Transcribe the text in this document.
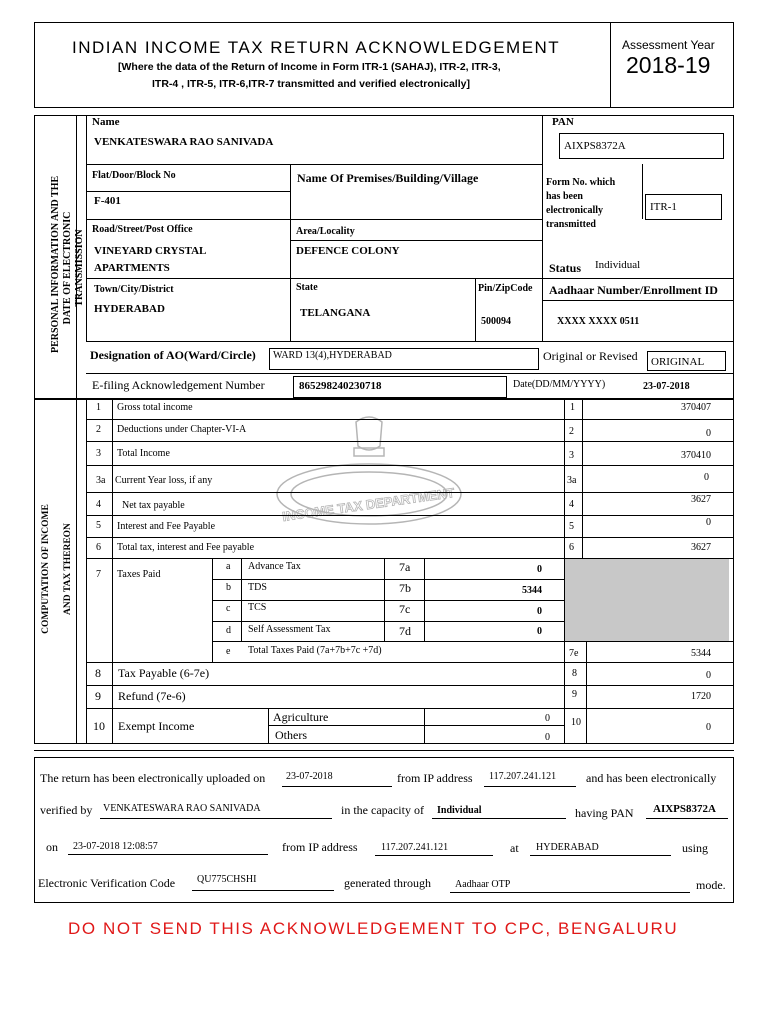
INDIAN INCOME TAX RETURN ACKNOWLEDGEMENT
[Where the data of the Return of Income in Form ITR-1 (SAHAJ), ITR-2, ITR-3,
ITR-4 , ITR-5, ITR-6,ITR-7 transmitted and verified electronically]
Assessment Year
2018-19
PERSONAL INFORMATION AND THE DATE OF ELECTRONIC TRANSMISSION
Name
VENKATESWARA RAO SANIVADA
PAN
AIXPS8372A
Flat/Door/Block No
F-401
Name Of Premises/Building/Village	Form No. which
has been
electronically
transmitted
ITR-1
Road/Street/Post Office
VINEYARD CRYSTAL
APARTMENTS
Area/Locality
DEFENCE COLONY
Status Individual
Town/City/District
HYDERABAD
State
TELANGANA
Pin/ZipCode
500094
Aadhaar Number/Enrollment ID
XXXX XXXX 0511
Designation of AO(Ward/Circle) WARD 13(4),HYDERABAD	Original or Revised ORIGINAL
E-filing Acknowledgement Number	865298240230718	Date(DD/MM/YYYY)	23-07-2018
COMPUTATION OF INCOME	AND TAX THEREON
INCOME TAX DEPARTMENT
1 Gross total income	1	370407
2 Deductions under Chapter-VI-A	2	0
3 Total Income	3	370410
3a Current Year loss, if any	3a	0
4 Net tax payable	4	3627
5 Interest and Fee Payable	5	0
6 Total tax, interest and Fee payable	6	3627
7 Taxes Paid
a Advance Tax	7a	0
b TDS	7b	5344
c TCS	7c	0
d Self Assessment Tax	7d	0
e Total Taxes Paid (7a+7b+7c +7d)	7e	5344
8 Tax Payable (6-7e)	8	0
9 Refund (7e-6)	9	1720
10 Exempt Income
Agriculture	0
Others	0
10	0
The return has been electronically uploaded on 23-07-2018	from IP address 117.207.241.121 and has been electronically
verified by VENKATESWARA RAO SANIVADA	in the capacity of Individual	having PAN AIXPS8372A
on 23-07-2018 12:08:57	from IP address 117.207.241.121	at HYDERABAD	using
Electronic Verification Code QU775CHSHI	generated through Aadhaar OTP	mode.
DO NOT SEND THIS ACKNOWLEDGEMENT TO CPC, BENGALURU
